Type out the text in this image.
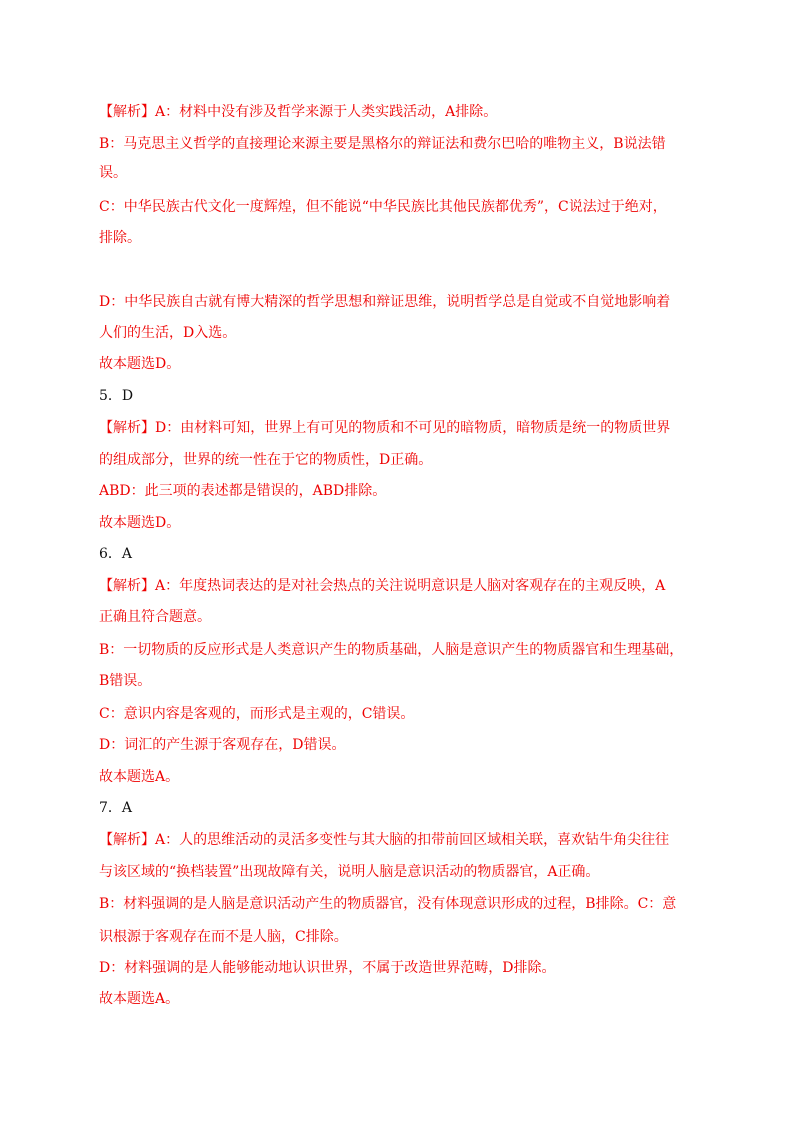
【解析】A：材料中没有涉及哲学来源于人类实践活动，A排除。
B：马克思主义哲学的直接理论来源主要是黑格尔的辩证法和费尔巴哈的唯物主义，B说法错
误。
C：中华民族古代文化一度辉煌，但不能说“中华民族比其他民族都优秀”，C说法过于绝对，
排除。
D：中华民族自古就有博大精深的哲学思想和辩证思维，说明哲学总是自觉或不自觉地影响着
人们的生活，D入选。
故本题选D。
5．D
【解析】D：由材料可知，世界上有可见的物质和不可见的暗物质，暗物质是统一的物质世界
的组成部分，世界的统一性在于它的物质性，D正确。
ABD：此三项的表述都是错误的，ABD排除。
故本题选D。
6．A
【解析】A：年度热词表达的是对社会热点的关注说明意识是人脑对客观存在的主观反映，A
正确且符合题意。
B：一切物质的反应形式是人类意识产生的物质基础，人脑是意识产生的物质器官和生理基础，
B错误。
C：意识内容是客观的，而形式是主观的，C错误。
D：词汇的产生源于客观存在，D错误。
故本题选A。
7．A
【解析】A：人的思维活动的灵活多变性与其大脑的扣带前回区域相关联，喜欢钻牛角尖往往
与该区域的“换档装置”出现故障有关，说明人脑是意识活动的物质器官，A正确。
B：材料强调的是人脑是意识活动产生的物质器官，没有体现意识形成的过程，B排除。C：意
识根源于客观存在而不是人脑，C排除。
D：材料强调的是人能够能动地认识世界，不属于改造世界范畴，D排除。
故本题选A。
